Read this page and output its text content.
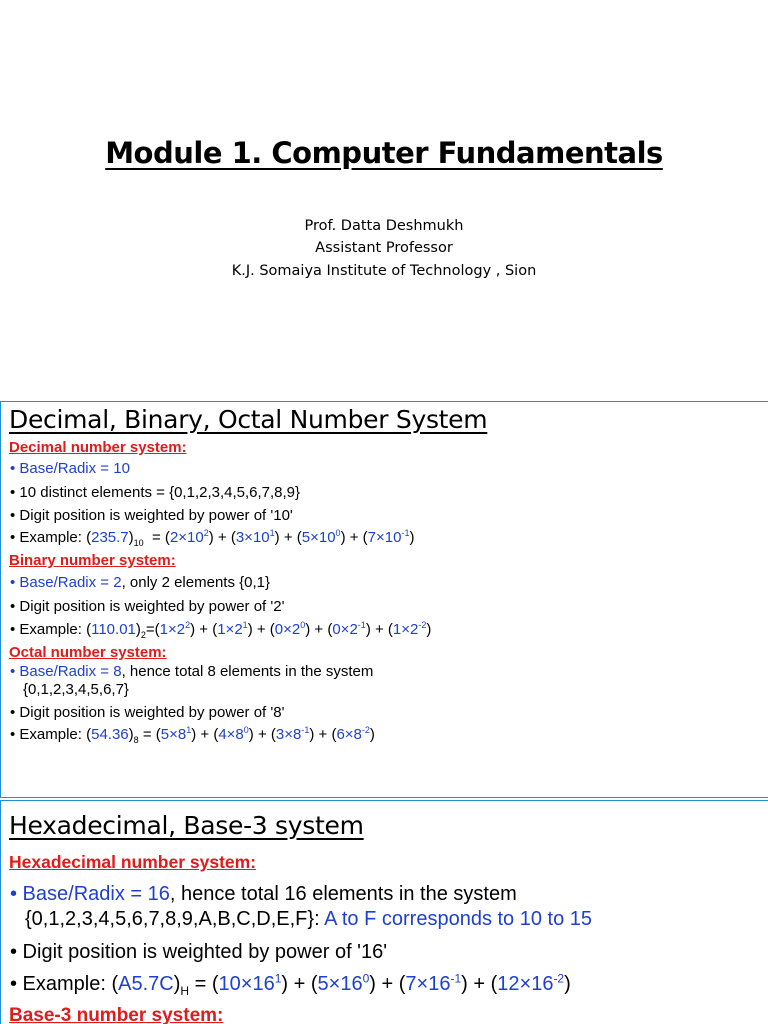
Module 1. Computer Fundamentals
Prof. Datta Deshmukh
Assistant Professor
K.J. Somaiya Institute of Technology , Sion
Decimal, Binary, Octal Number System
Decimal number system:
• Base/Radix = 10
• 10 distinct elements = {0,1,2,3,4,5,6,7,8,9}
• Digit position is weighted by power of '10'
• Example: $(235.7)_{10} = (2\times 10^2) + (3\times 10^1) + (5\times 10^0) + (7\times 10^{-1})$
Binary number system:
• Base/Radix = 2, only 2 elements {0,1}
• Digit position is weighted by power of '2'
• Example: $(110.01)_2=(1\times 2^2) + (1\times 2^1) + (0\times 2^0) + (0\times 2^{-1}) + (1\times 2^{-2})$
Octal number system:
• Base/Radix = 8, hence total 8 elements in the system
{0,1,2,3,4,5,6,7}
• Digit position is weighted by power of '8'
• Example: $(54.36)_8 = (5\times 8^1) + (4\times 8^0) + (3\times 8^{-1}) + (6\times 8^{-2})$
Hexadecimal, Base-3 system
Hexadecimal number system:
• Base/Radix = 16, hence total 16 elements in the system
{0,1,2,3,4,5,6,7,8,9,A,B,C,D,E,F}: A to F corresponds to 10 to 15
• Digit position is weighted by power of '16'
• Example: $(A5.7C)_H = (10\times 16^1) + (5\times 16^0) + (7\times 16^{-1}) + (12\times 16^{-2})$
Base-3 number system:
